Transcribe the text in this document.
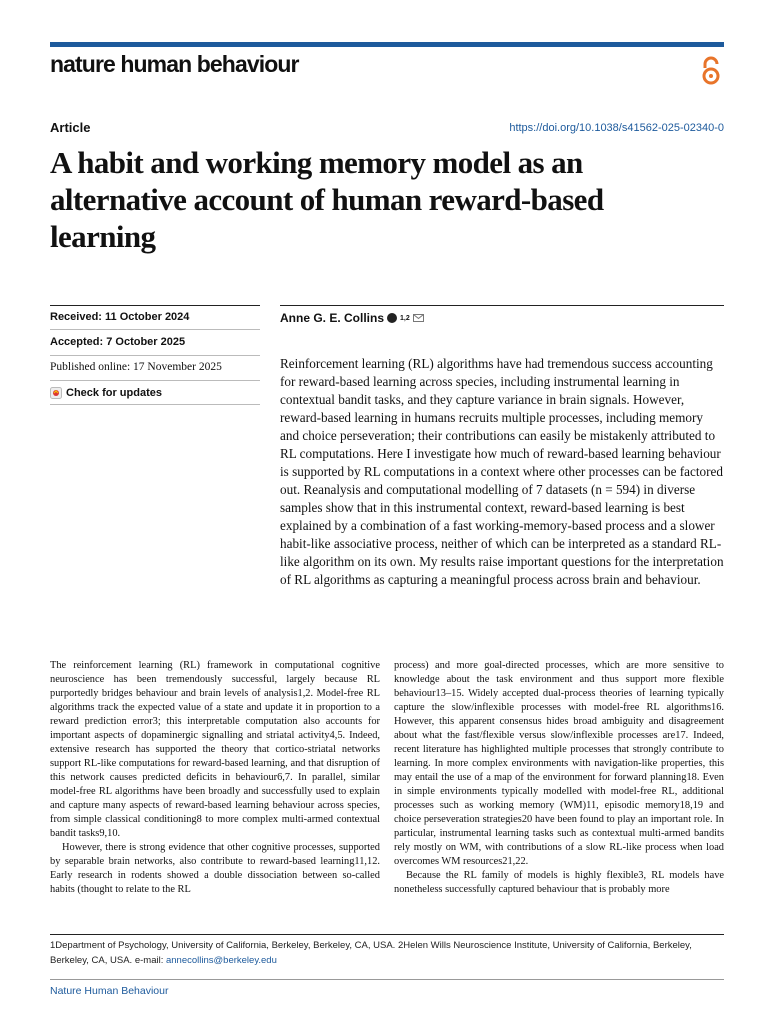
nature human behaviour
Article	https://doi.org/10.1038/s41562-025-02340-0
A habit and working memory model as an alternative account of human reward-based learning
Received: 11 October 2024
Accepted: 7 October 2025
Published online: 17 November 2025
Check for updates
Anne G. E. Collins 1,2

Reinforcement learning (RL) algorithms have had tremendous success accounting for reward-based learning across species, including instrumental learning in contextual bandit tasks, and they capture variance in brain signals. However, reward-based learning in humans recruits multiple processes, including memory and choice perseveration; their contributions can easily be mistakenly attributed to RL computations. Here I investigate how much of reward-based learning behaviour is supported by RL computations in a context where other processes can be factored out. Reanalysis and computational modelling of 7 datasets (n = 594) in diverse samples show that in this instrumental context, reward-based learning is best explained by a combination of a fast working-memory-based process and a slower habit-like associative process, neither of which can be interpreted as a standard RL-like algorithm on its own. My results raise important questions for the interpretation of RL algorithms as capturing a meaningful process across brain and behaviour.

The reinforcement learning (RL) framework in computational cognitive neuroscience has been tremendously successful, largely because RL purportedly bridges behaviour and brain levels of analysis1,2. Model-free RL algorithms track the expected value of a state and update it in proportion to a reward prediction error3; this interpretable computation also accounts for important aspects of dopaminergic signalling and striatal activity4,5. Indeed, extensive research has supported the theory that cortico-striatal networks support RL-like computations for reward-based learning, and that disruption of this network causes predicted deficits in behaviour6,7. In parallel, similar model-free RL algorithms have been broadly and successfully used to explain and capture many aspects of reward-based learning behaviour across species, from simple classical conditioning8 to more complex multi-armed contextual bandit tasks9,10.

However, there is strong evidence that other cognitive processes, supported by separable brain networks, also contribute to reward-based learning11,12. Early research in rodents showed a double dissociation between so-called habits (thought to relate to the RL

process) and more goal-directed processes, which are more sensitive to knowledge about the task environment and thus support more flexible behaviour13–15. Widely accepted dual-process theories of learning typically capture the slow/inflexible processes with model-free RL algorithms16. However, this apparent consensus hides broad ambiguity and disagreement about what the fast/flexible versus slow/inflexible processes are17. Indeed, recent literature has highlighted multiple processes that strongly contribute to learning. In more complex environments with navigation-like properties, this may entail the use of a map of the environment for forward planning18. Even in simple environments typically modelled with model-free RL, additional processes such as working memory (WM)11, episodic memory18,19 and choice perseveration strategies20 have been found to play an important role. In particular, instrumental learning tasks such as contextual multi-armed bandits rely mostly on WM, with contributions of a slow RL-like process when load overcomes WM resources21,22.

Because the RL family of models is highly flexible3, RL models have nonetheless successfully captured behaviour that is probably more

1Department of Psychology, University of California, Berkeley, Berkeley, CA, USA. 2Helen Wills Neuroscience Institute, University of California, Berkeley, Berkeley, CA, USA. e-mail: annecollins@berkeley.edu

Nature Human Behaviour
